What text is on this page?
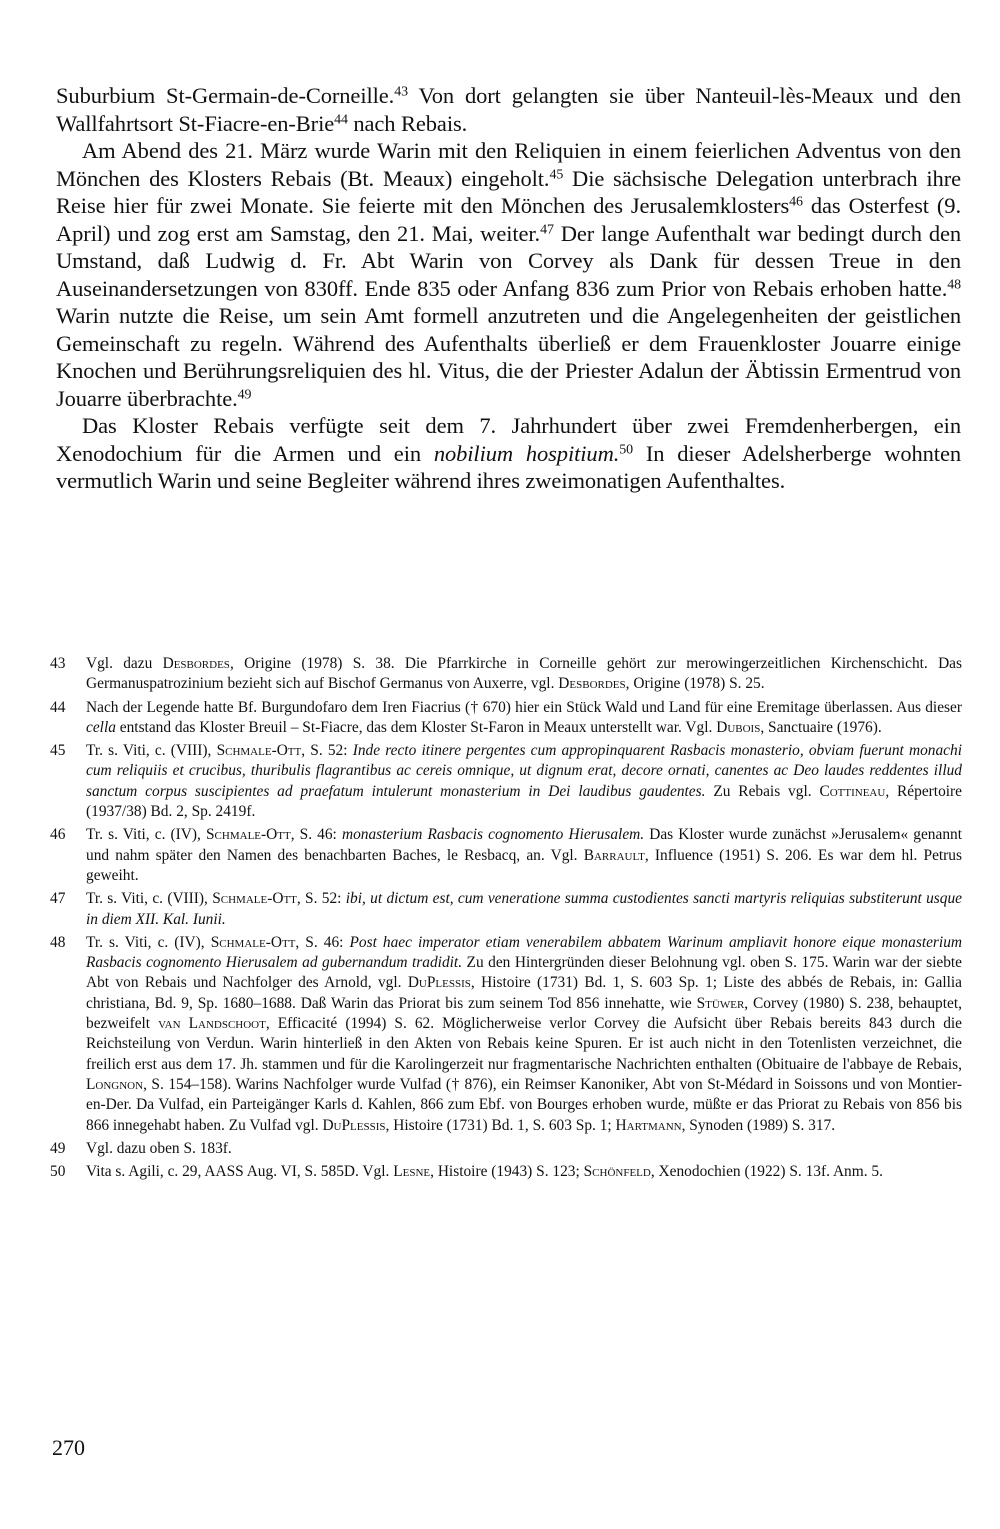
Suburbium St-Germain-de-Corneille.$^{43}$ Von dort gelangten sie über Nanteuil-lès-Meaux und den Wallfahrtsort St-Fiacre-en-Brie$^{44}$ nach Rebais.

Am Abend des 21. März wurde Warin mit den Reliquien in einem feierlichen Adventus von den Mönchen des Klosters Rebais (Bt. Meaux) eingeholt.$^{45}$ Die sächsische Delegation unterbrach ihre Reise hier für zwei Monate. Sie feierte mit den Mönchen des Jerusalemklosters$^{46}$ das Osterfest (9. April) und zog erst am Samstag, den 21. Mai, weiter.$^{47}$ Der lange Aufenthalt war bedingt durch den Umstand, daß Ludwig d. Fr. Abt Warin von Corvey als Dank für dessen Treue in den Auseinandersetzungen von 830ff. Ende 835 oder Anfang 836 zum Prior von Rebais erhoben hatte.$^{48}$ Warin nutzte die Reise, um sein Amt formell anzutreten und die Angelegenheiten der geistlichen Gemeinschaft zu regeln. Während des Aufenthalts überließ er dem Frauenkloster Jouarre einige Knochen und Berührungsreliquien des hl. Vitus, die der Priester Adalun der Äbtissin Ermentrud von Jouarre überbrachte.$^{49}$

Das Kloster Rebais verfügte seit dem 7. Jahrhundert über zwei Fremdenherbergen, ein Xenodochium für die Armen und ein nobilium hospitium.$^{50}$ In dieser Adelsherberge wohnten vermutlich Warin und seine Begleiter während ihres zweimonatigen Aufenthaltes.

43	Vgl. dazu Desbordes, Origine (1978) S. 38. Die Pfarrkirche in Corneille gehört zur merowingerzeitlichen Kirchenschicht. Das Germanuspatrozinium bezieht sich auf Bischof Germanus von Auxerre, vgl. Desbordes, Origine (1978) S. 25.
44	Nach der Legende hatte Bf. Burgundofaro dem Iren Fiacrius († 670) hier ein Stück Wald und Land für eine Eremitage überlassen. Aus dieser cella entstand das Kloster Breuil – St-Fiacre, das dem Kloster St-Faron in Meaux unterstellt war. Vgl. Dubois, Sanctuaire (1976).
45	Tr. s. Viti, c. (VIII), Schmale-Ott, S. 52: Inde recto itinere pergentes cum appropinquarent Rasbacis monasterio, obviam fuerunt monachi cum reliquiis et crucibus, thuribulis flagrantibus ac cereis omnique, ut dignum erat, decore ornati, canentes ac Deo laudes reddentes illud sanctum corpus suscipientes ad praefatum intulerunt monasterium in Dei laudibus gaudentes. Zu Rebais vgl. Cottineau, Répertoire (1937/38) Bd. 2, Sp. 2419f.
46	Tr. s. Viti, c. (IV), Schmale-Ott, S. 46: monasterium Rasbacis cognomento Hierusalem. Das Kloster wurde zunächst »Jerusalem« genannt und nahm später den Namen des benachbarten Baches, le Resbacq, an. Vgl. Barrault, Influence (1951) S. 206. Es war dem hl. Petrus geweiht.
47	Tr. s. Viti, c. (VIII), Schmale-Ott, S. 52: ibi, ut dictum est, cum veneratione summa custodientes sancti martyris reliquias substiterunt usque in diem XII. Kal. Iunii.
48	Tr. s. Viti, c. (IV), Schmale-Ott, S. 46: Post haec imperator etiam venerabilem abbatem Warinum ampliavit honore eique monasterium Rasbacis cognomento Hierusalem ad gubernandum tradidit. Zu den Hintergründen dieser Belohnung vgl. oben S. 175. Warin war der siebte Abt von Rebais und Nachfolger des Arnold, vgl. DuPlessis, Histoire (1731) Bd. 1, S. 603 Sp. 1; Liste des abbés de Rebais, in: Gallia christiana, Bd. 9, Sp. 1680–1688. Daß Warin das Priorat bis zum seinem Tod 856 innehatte, wie Stüwer, Corvey (1980) S. 238, behauptet, bezweifelt van Landschoot, Efficacité (1994) S. 62. Möglicherweise verlor Corvey die Aufsicht über Rebais bereits 843 durch die Reichsteilung von Verdun. Warin hinterließ in den Akten von Rebais keine Spuren. Er ist auch nicht in den Totenlisten verzeichnet, die freilich erst aus dem 17. Jh. stammen und für die Karolingerzeit nur fragmentarische Nachrichten enthalten (Obituaire de l'abbaye de Rebais, Longnon, S. 154–158). Warins Nachfolger wurde Vulfad († 876), ein Reimser Kanoniker, Abt von St-Médard in Soissons und von Montier-en-Der. Da Vulfad, ein Parteigänger Karls d. Kahlen, 866 zum Ebf. von Bourges erhoben wurde, müßte er das Priorat zu Rebais von 856 bis 866 innegehabt haben. Zu Vulfad vgl. DuPlessis, Histoire (1731) Bd. 1, S. 603 Sp. 1; Hartmann, Synoden (1989) S. 317.
49	Vgl. dazu oben S. 183f.
50	Vita s. Agili, c. 29, AASS Aug. VI, S. 585D. Vgl. Lesne, Histoire (1943) S. 123; Schönfeld, Xenodochien (1922) S. 13f. Anm. 5.
270
